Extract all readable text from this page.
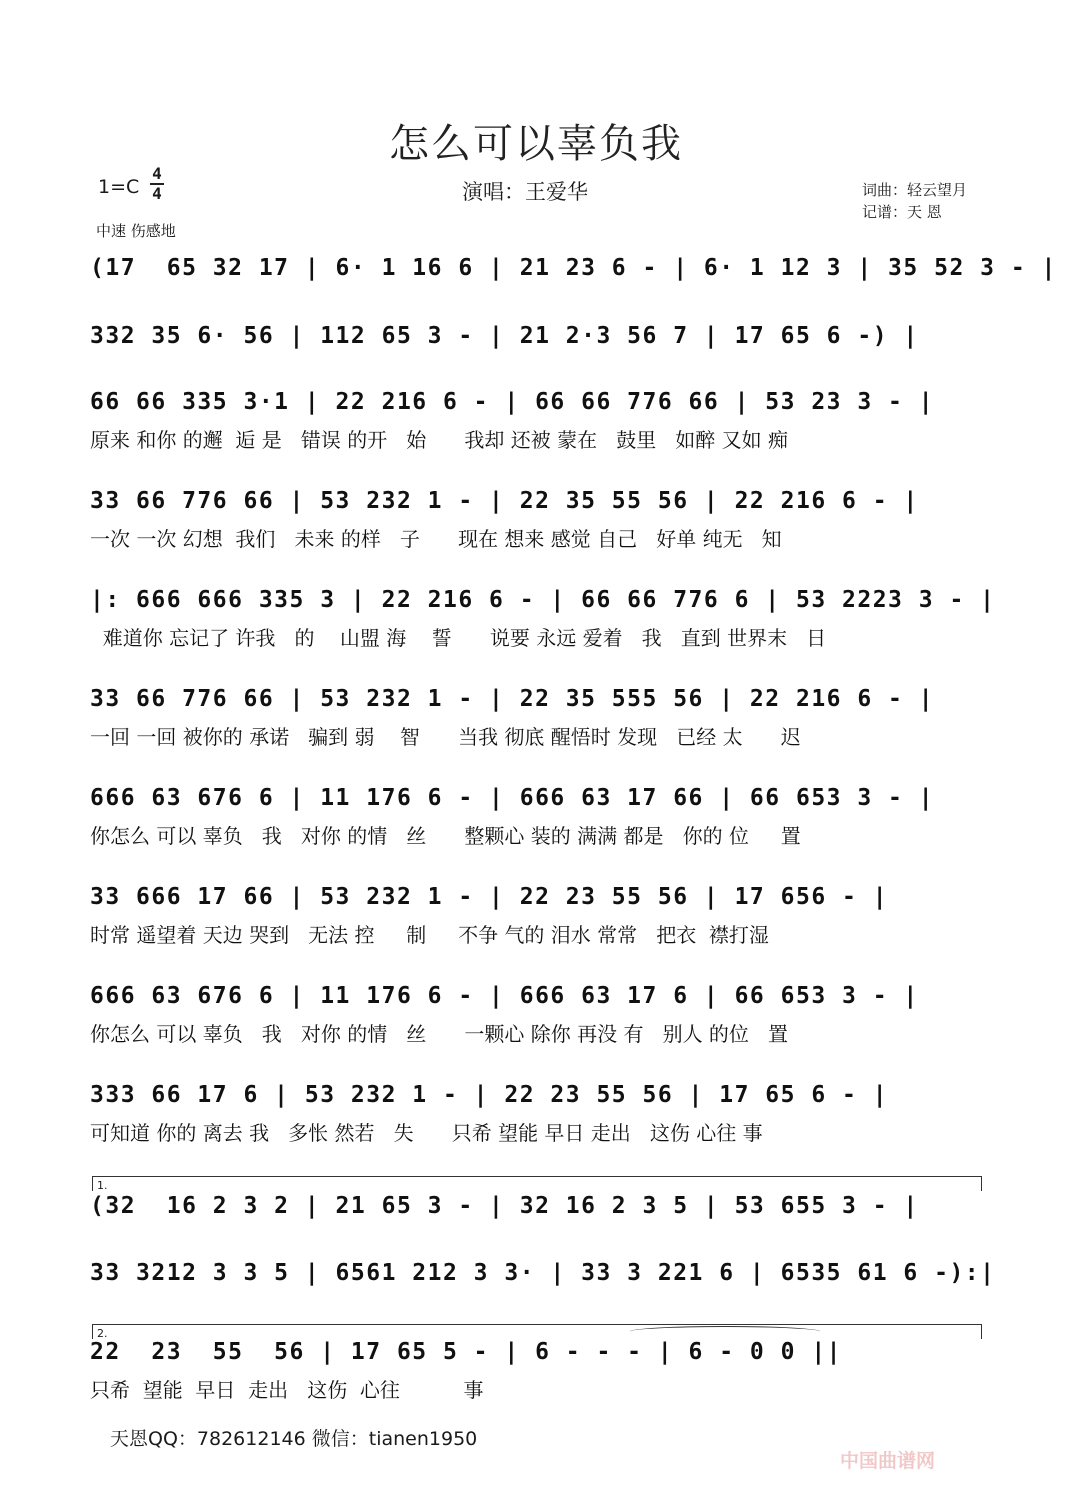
怎么可以辜负我
1=C
4
4	演唱：王爱华	词曲：轻云望月
记谱：天 恩
中速 伤感地
(17  65 32 17 | 6· 1 16 6 | 21 23 6 - | 6· 1 12 3 | 35 52 3 - |
332 35 6· 56 | 112 65 3 - | 21 2·3 56 7 | 17 65 6 -) |
66 66 335 3·1 | 22 216 6 - | 66 66 776 66 | 53 23 3 - |
原来 和你 的邂  逅 是   错误 的开   始      我却 还被 蒙在   鼓里   如醉 又如 痴
33 66 776 66 | 53 232 1 - | 22 35 55 56 | 22 216 6 - |
一次 一次 幻想  我们   未来 的样   子      现在 想来 感觉 自己   好单 纯无   知
|: 666 666 335 3 | 22 216 6 - | 66 66 776 6 | 53 2223 3 - |
难道你 忘记了 许我   的    山盟 海    誓      说要 永远 爱着   我   直到 世界末   日
33 66 776 66 | 53 232 1 - | 22 35 555 56 | 22 216 6 - |
一回 一回 被你的 承诺   骗到 弱    智      当我 彻底 醒悟时 发现   已经 太      迟
666 63 676 6 | 11 176 6 - | 666 63 17 66 | 66 653 3 - |
你怎么 可以 辜负   我   对你 的情   丝      整颗心 装的 满满 都是   你的 位     置
33 666 17 66 | 53 232 1 - | 22 23 55 56 | 17 656 - |
时常 遥望着 天边 哭到   无法 控     制     不争 气的 泪水 常常   把衣  襟打湿
666 63 676 6 | 11 176 6 - | 666 63 17 6 | 66 653 3 - |
你怎么 可以 辜负   我   对你 的情   丝      一颗心 除你 再没 有   别人 的位   置
333 66 17 6 | 53 232 1 - | 22 23 55 56 | 17 65 6 - |
可知道 你的 离去 我   多怅 然若   失      只希 望能 早日 走出   这伤 心往 事
1.
(32  16 2 3 2 | 21 65 3 - | 32 16 2 3 5 | 53 655 3 - |
33 3212 3 3 5 | 6561 212 3 3· | 33 3 221 6 | 6535 61 6 -):|
2.
22  23  55  56 | 17 65 5 - | 6 - - - | 6 - 0 0 ||
只希  望能  早日  走出   这伤  心往          事
天恩QQ：782612146 微信：tianen1950
中国曲谱网
